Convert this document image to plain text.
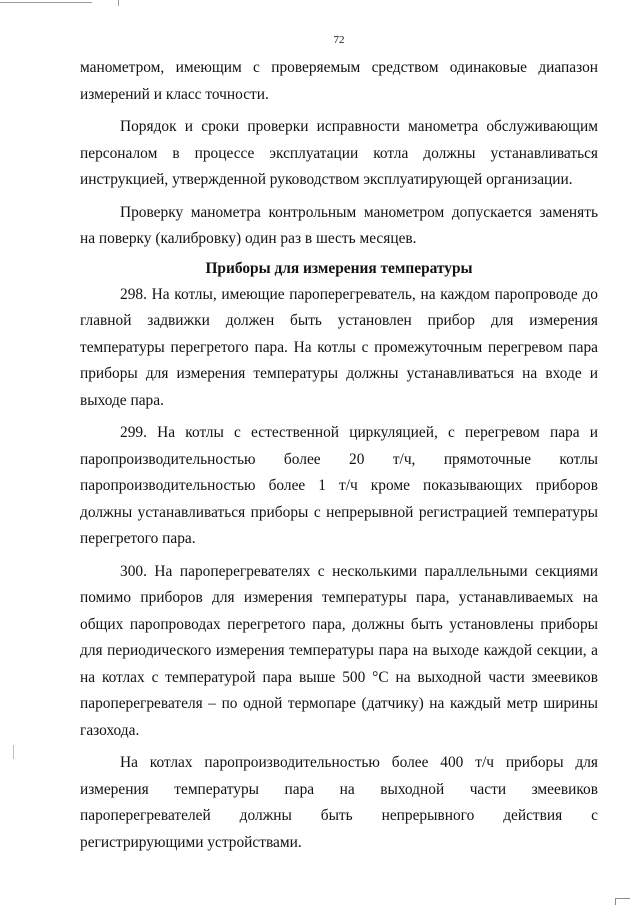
72

манометром, имеющим с проверяемым средством одинаковые диапазон измерений и класс точности.

Порядок и сроки проверки исправности манометра обслуживающим персоналом в процессе эксплуатации котла должны устанавливаться инструкцией, утвержденной руководством эксплуатирующей организации.

Проверку манометра контрольным манометром допускается заменять на поверку (калибровку) один раз в шесть месяцев.

Приборы для измерения температуры

298. На котлы, имеющие пароперегреватель, на каждом паропроводе до главной задвижки должен быть установлен прибор для измерения температуры перегретого пара. На котлы с промежуточным перегревом пара приборы для измерения температуры должны устанавливаться на входе и выходе пара.

299. На котлы с естественной циркуляцией, с перегревом пара и паропроизводительностью более 20 т/ч, прямоточные котлы паропроизводительностью более 1 т/ч кроме показывающих приборов должны устанавливаться приборы с непрерывной регистрацией температуры перегретого пара.

300. На пароперегревателях с несколькими параллельными секциями помимо приборов для измерения температуры пара, устанавливаемых на общих паропроводах перегретого пара, должны быть установлены приборы для периодического измерения температуры пара на выходе каждой секции, а на котлах с температурой пара выше 500 °С на выходной части змеевиков пароперегревателя – по одной термопаре (датчику) на каждый метр ширины газохода.

На котлах паропроизводительностью более 400 т/ч приборы для измерения температуры пара на выходной части змеевиков пароперегревателей должны быть непрерывного действия с регистрирующими устройствами.
